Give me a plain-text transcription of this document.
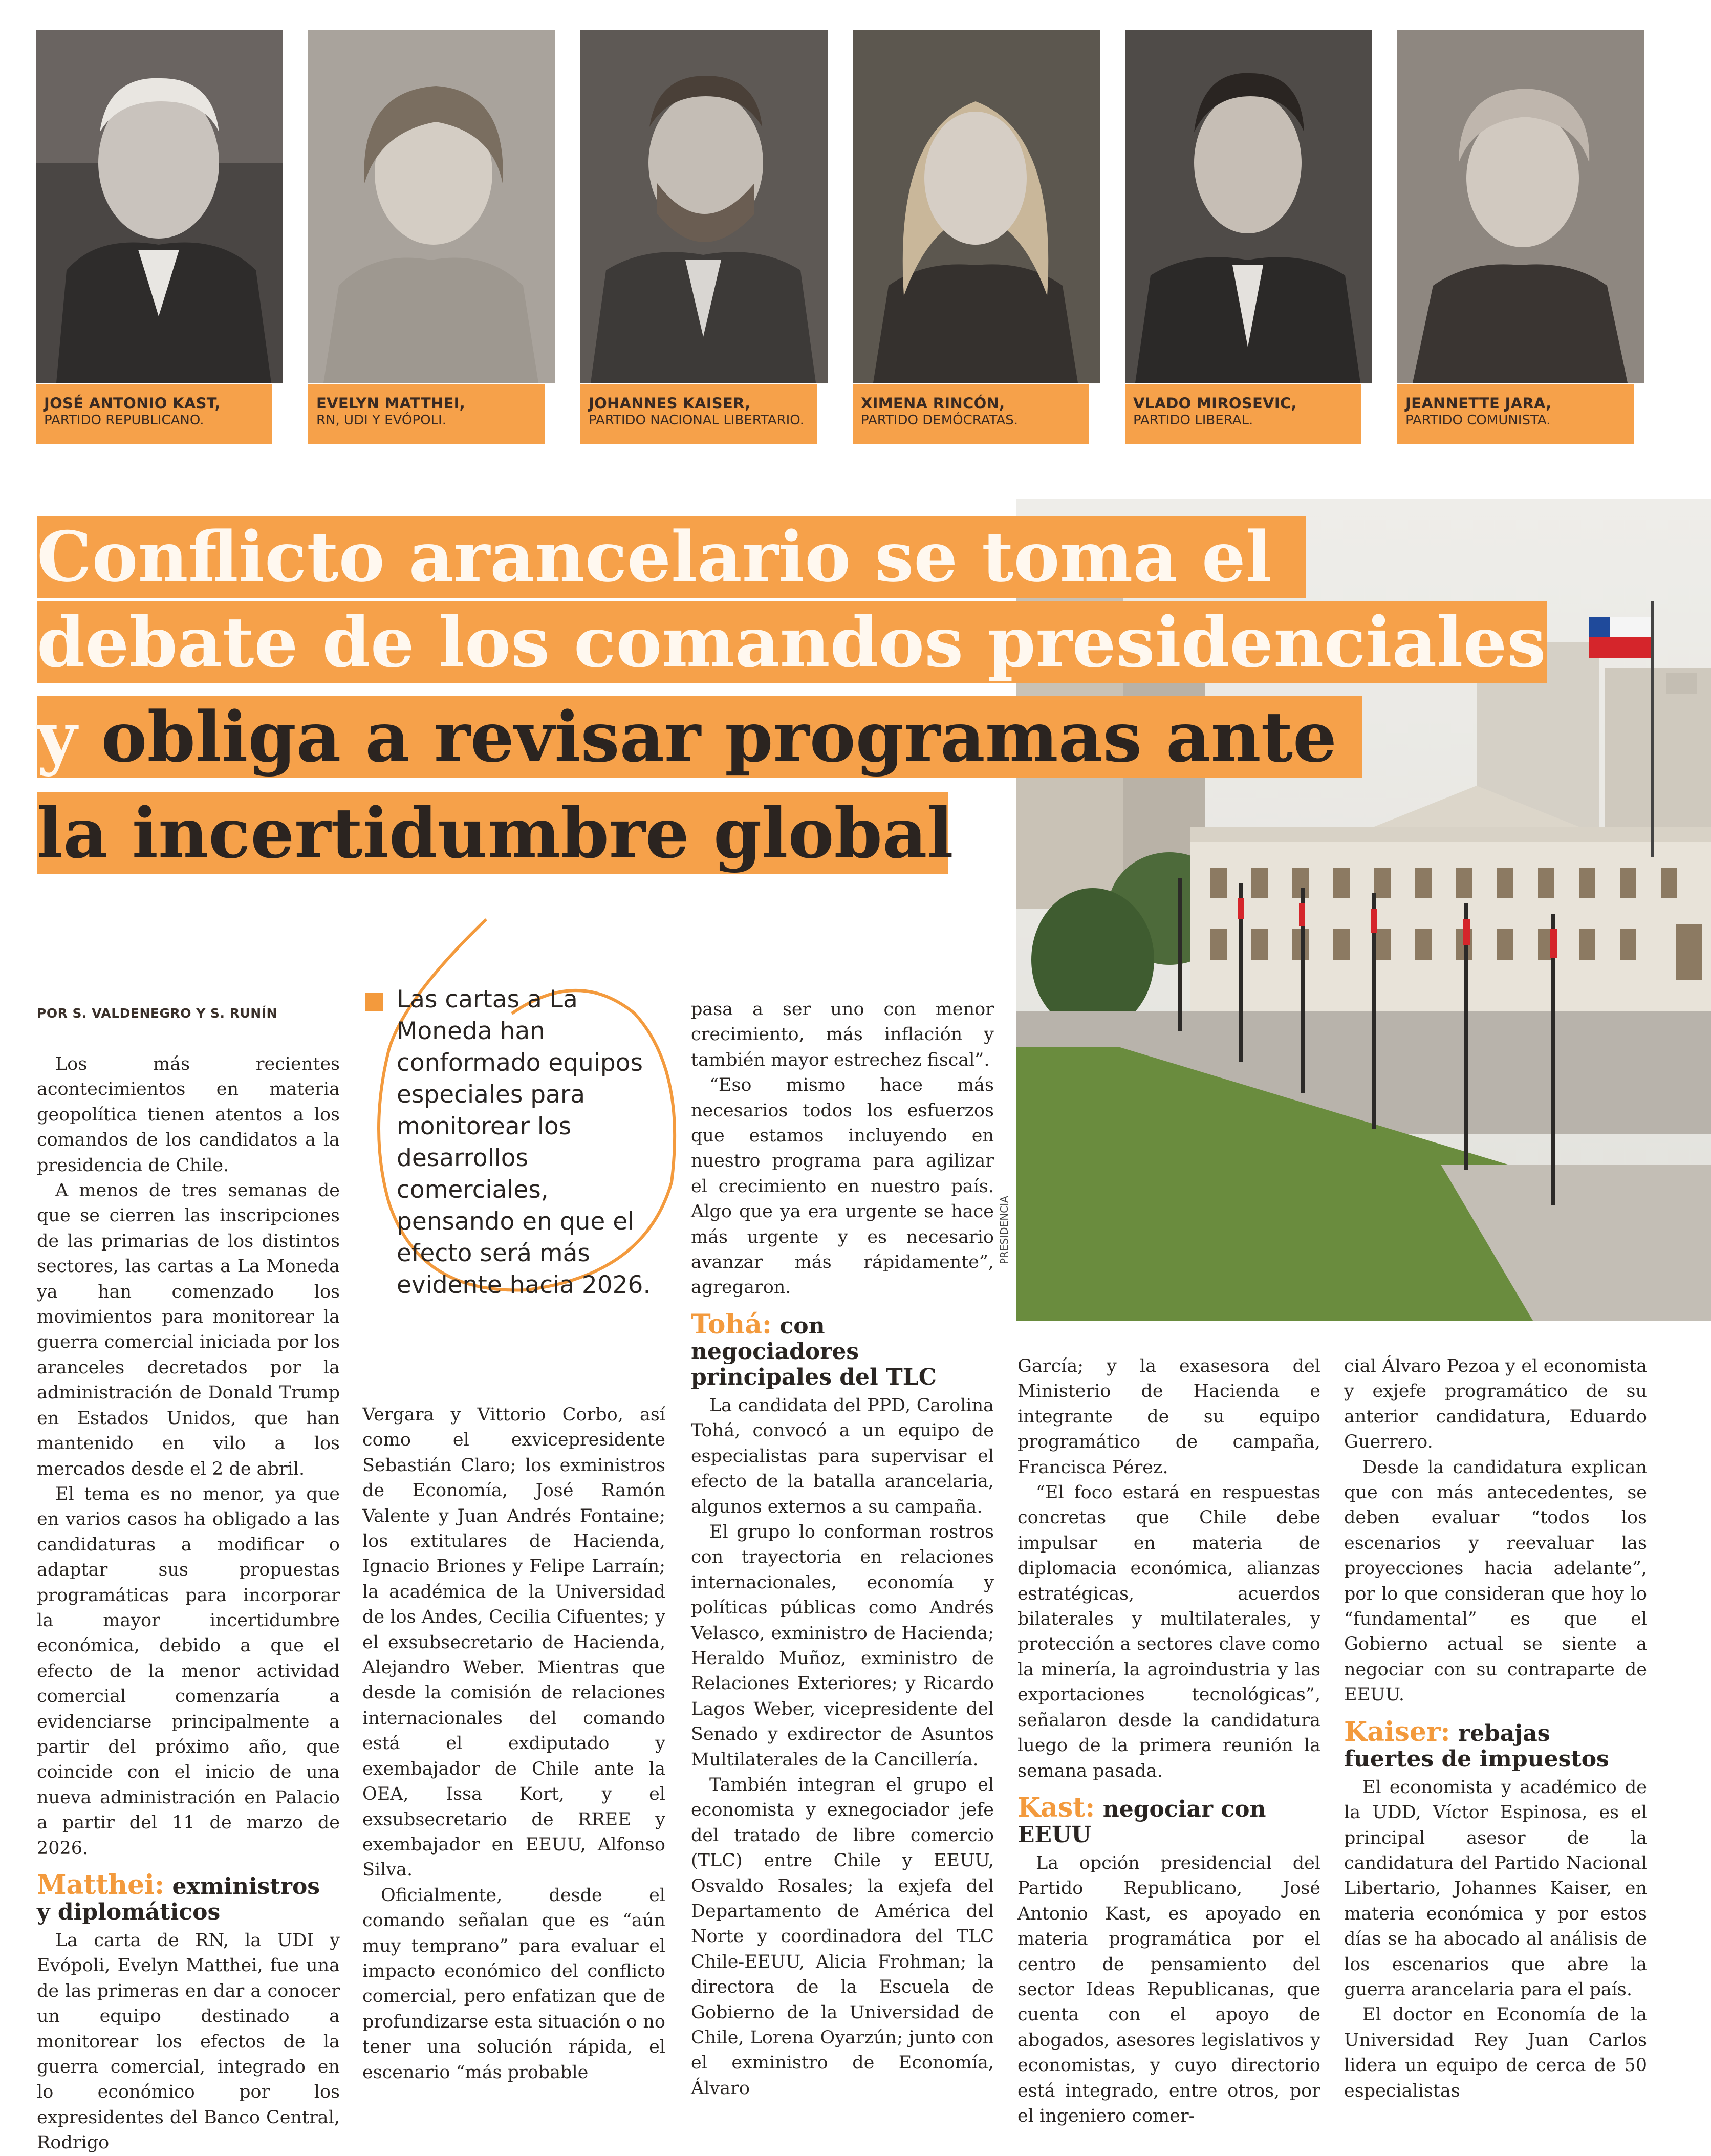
JOSÉ ANTONIO KAST,
PARTIDO REPUBLICANO.
EVELYN MATTHEI,
RN, UDI Y EVÓPOLI.
JOHANNES KAISER,
PARTIDO NACIONAL LIBERTARIO.
XIMENA RINCÓN,
PARTIDO DEMÓCRATAS.
VLADO MIROSEVIC,
PARTIDO LIBERAL.
JEANNETTE JARA,
PARTIDO COMUNISTA.
PRESIDENCIA
Conflicto arancelario se toma el
debate de los comandos presidenciales
y obliga a revisar programas ante
la incertidumbre global
POR S. VALDENEGRO Y S. RUNÍN	Las cartas a La Moneda han conformado equipos especiales para monitorear los desarrollos comerciales, pensando en que el efecto será más evidente hacia 2026.

Los más recientes acontecimientos en materia geopolítica tienen atentos a los comandos de los candidatos a la presidencia de Chile.

A menos de tres semanas de que se cierren las inscripciones de las primarias de los distintos sectores, las cartas a La Moneda ya han comenzado los movimientos para monitorear la guerra comercial iniciada por los aranceles decretados por la administración de Donald Trump en Estados Unidos, que han mantenido en vilo a los mercados desde el 2 de abril.

El tema es no menor, ya que en varios casos ha obligado a las candidaturas a modificar o adaptar sus propuestas programáticas para incorporar la mayor incertidumbre económica, debido a que el efecto de la menor actividad comercial comenzaría a evidenciarse principalmente a partir del próximo año, que coincide con el inicio de una nueva administración en Palacio a partir del 11 de marzo de 2026.

Matthei: exministros y diplomáticos

La carta de RN, la UDI y Evópoli, Evelyn Matthei, fue una de las primeras en dar a conocer un equipo destinado a monitorear los efectos de la guerra comercial, integrado en lo económico por los expresidentes del Banco Central, Rodrigo

Vergara y Vittorio Corbo, así como el exvicepresidente Sebastián Claro; los exministros de Economía, José Ramón Valente y Juan Andrés Fontaine; los extitulares de Hacienda, Ignacio Briones y Felipe Larraín; la académica de la Universidad de los Andes, Cecilia Cifuentes; y el exsubsecretario de Hacienda, Alejandro Weber. Mientras que desde la comisión de relaciones internacionales del comando está el exdiputado y exembajador de Chile ante la OEA, Issa Kort, y el exsubsecretario de RREE y exembajador en EEUU, Alfonso Silva.

Oficialmente, desde el comando señalan que es “aún muy temprano” para evaluar el impacto económico del conflicto comercial, pero enfatizan que de profundizarse esta situación o no tener una solución rápida, el escenario “más probable

pasa a ser uno con menor crecimiento, más inflación y también mayor estrechez fiscal”.

“Eso mismo hace más necesarios todos los esfuerzos que estamos incluyendo en nuestro programa para agilizar el crecimiento en nuestro país. Algo que ya era urgente se hace más urgente y es necesario avanzar más rápidamente”, agregaron.

Tohá: con negociadores principales del TLC

La candidata del PPD, Carolina Tohá, convocó a un equipo de especialistas para supervisar el efecto de la batalla arancelaria, algunos externos a su campaña.

El grupo lo conforman rostros con trayectoria en relaciones internacionales, economía y políticas públicas como Andrés Velasco, exministro de Hacienda; Heraldo Muñoz, exministro de Relaciones Exteriores; y Ricardo Lagos Weber, vicepresidente del Senado y exdirector de Asuntos Multilaterales de la Cancillería.

También integran el grupo el economista y exnegociador jefe del tratado de libre comercio (TLC) entre Chile y EEUU, Osvaldo Rosales; la exjefa del Departamento de América del Norte y coordinadora del TLC Chile-EEUU, Alicia Frohman; la directora de la Escuela de Gobierno de la Universidad de Chile, Lorena Oyarzún; junto con el exministro de Economía, Álvaro

García; y la exasesora del Ministerio de Hacienda e integrante de su equipo programático de campaña, Francisca Pérez.

“El foco estará en respuestas concretas que Chile debe impulsar en materia de diplomacia económica, alianzas estratégicas, acuerdos bilaterales y multilaterales, y protección a sectores clave como la minería, la agroindustria y las exportaciones tecnológicas”, señalaron desde la candidatura luego de la primera reunión la semana pasada.

Kast: negociar con EEUU

La opción presidencial del Partido Republicano, José Antonio Kast, es apoyado en materia programática por el centro de pensamiento del sector Ideas Republicanas, que cuenta con el apoyo de abogados, asesores legislativos y economistas, y cuyo directorio está integrado, entre otros, por el ingeniero comer-

cial Álvaro Pezoa y el economista y exjefe programático de su anterior candidatura, Eduardo Guerrero.

Desde la candidatura explican que con más antecedentes, se deben evaluar “todos los escenarios y reevaluar las proyecciones hacia adelante”, por lo que consideran que hoy lo “fundamental” es que el Gobierno actual se siente a negociar con su contraparte de EEUU.

Kaiser: rebajas fuertes de impuestos

El economista y académico de la UDD, Víctor Espinosa, es el principal asesor de la candidatura del Partido Nacional Libertario, Johannes Kaiser, en materia económica y por estos días se ha abocado al análisis de los escenarios que abre la guerra arancelaria para el país.

El doctor en Economía de la Universidad Rey Juan Carlos lidera un equipo de cerca de 50 especialistas
